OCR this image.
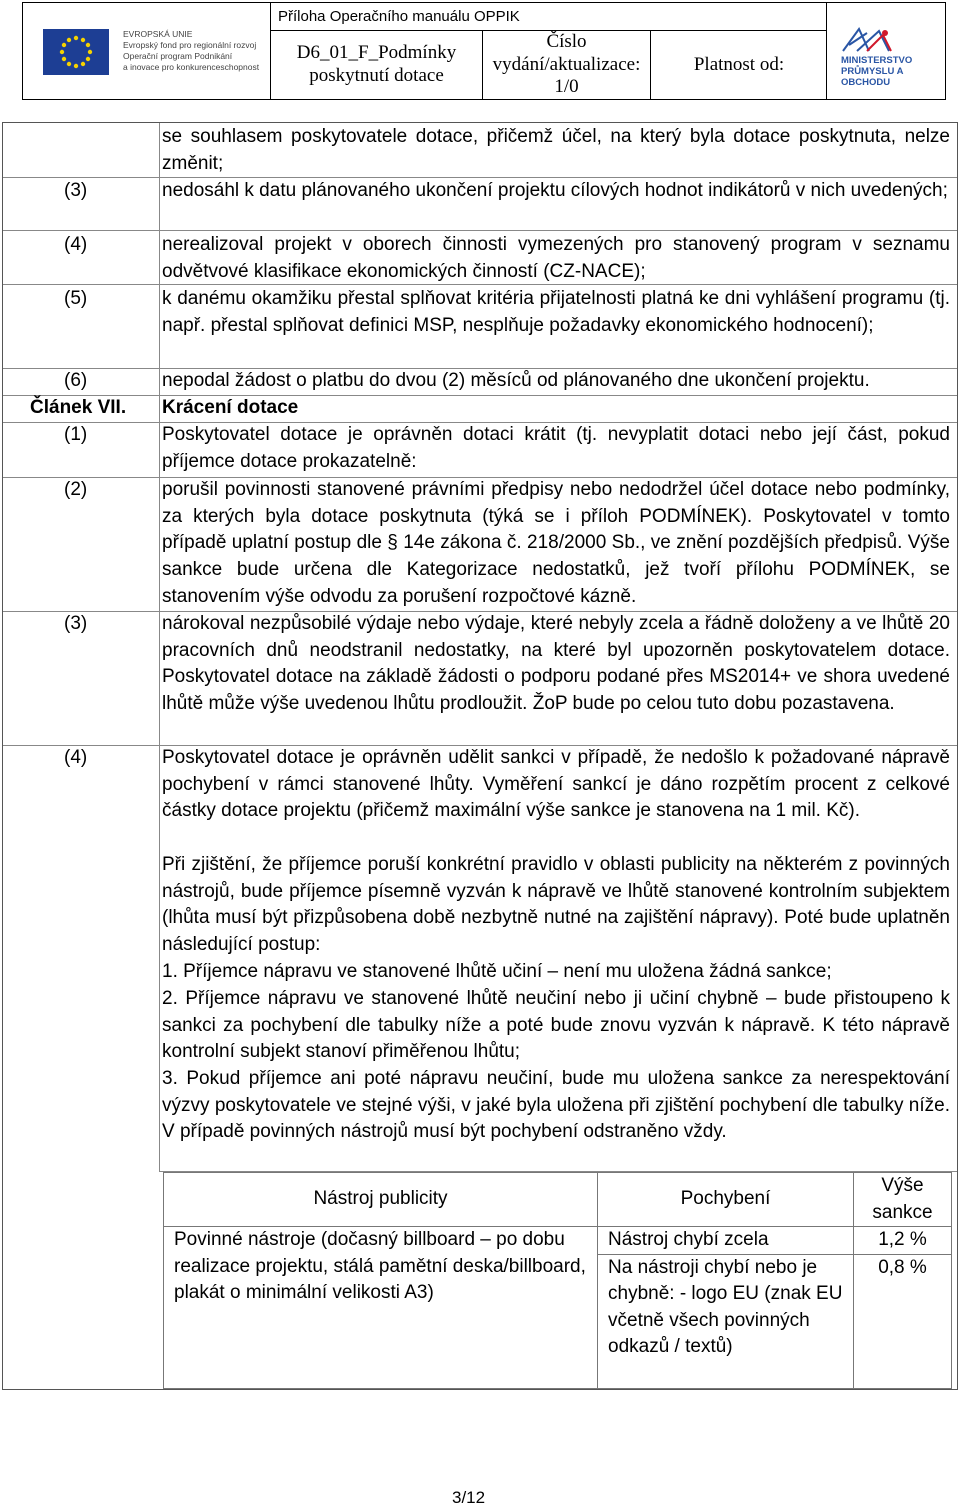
EVROPSKÁ UNIE
Evropský fond pro regionální rozvoj
Operační program Podnikání
a inovace pro konkurenceschopnost
Příloha Operačního manuálu OPPIK
D6_01_F_Podmínky
poskytnutí dotace
Číslo
vydání/aktualizace:
1/0
Platnost od:	MINISTERSTVO
PRŮMYSLU A OBCHODU
se souhlasem poskytovatele dotace, přičemž účel, na který byla dotace poskytnuta, nelze změnit;
(3)	nedosáhl k datu plánovaného ukončení projektu cílových hodnot indikátorů v nich uvedených;
(4)	nerealizoval projekt v oborech činnosti vymezených pro stanovený program v seznamu odvětvové klasifikace ekonomických činností (CZ-NACE);
(5)	k danému okamžiku přestal splňovat kritéria přijatelnosti platná ke dni vyhlášení programu (tj. např. přestal splňovat definici MSP, nesplňuje požadavky ekonomického hodnocení);
(6)	nepodal žádost o platbu do dvou (2) měsíců od plánovaného dne ukončení projektu.
Článek VII. Krácení dotace
(1)	Poskytovatel dotace je oprávněn dotaci krátit (tj. nevyplatit dotaci nebo její část, pokud příjemce dotace prokazatelně:
(2)	porušil povinnosti stanovené právními předpisy nebo nedodržel účel dotace nebo podmínky, za kterých byla dotace poskytnuta (týká se i příloh PODMÍNEK). Poskytovatel v tomto případě uplatní postup dle § 14e zákona č. 218/2000 Sb., ve znění pozdějších předpisů. Výše sankce bude určena dle Kategorizace nedostatků, jež tvoří přílohu PODMÍNEK, se stanovením výše odvodu za porušení rozpočtové kázně.
(3)	nárokoval nezpůsobilé výdaje nebo výdaje, které nebyly zcela a řádně doloženy a ve lhůtě 20 pracovních dnů neodstranil nedostatky, na které byl upozorněn poskytovatelem dotace. Poskytovatel dotace na základě žádosti o podporu podané přes MS2014+ ve shora uvedené lhůtě může výše uvedenou lhůtu prodloužit. ŽoP bude po celou tuto dobu pozastavena.
(4)	Poskytovatel dotace je oprávněn udělit sankci v případě, že nedošlo k požadované nápravě pochybení v rámci stanovené lhůty. Vyměření sankcí je dáno rozpětím procent z celkové částky dotace projektu (přičemž maximální výše sankce je stanovena na 1 mil. Kč).
Při zjištění, že příjemce poruší konkrétní pravidlo v oblasti publicity na některém z povinných nástrojů, bude příjemce písemně vyzván k nápravě ve lhůtě stanovené kontrolním subjektem (lhůta musí být přizpůsobena době nezbytně nutné na zajištění nápravy). Poté bude uplatněn následující postup:
1. Příjemce nápravu ve stanovené lhůtě učiní – není mu uložena žádná sankce;
2. Příjemce nápravu ve stanovené lhůtě neučiní nebo ji učiní chybně – bude přistoupeno k sankci za pochybení dle tabulky níže a poté bude znovu vyzván k nápravě. K této nápravě kontrolní subjekt stanoví přiměřenou lhůtu;
3. Pokud příjemce ani poté nápravu neučiní, bude mu uložena sankce za nerespektování výzvy poskytovatele ve stejné výši, v jaké byla uložena při zjištění pochybení dle tabulky níže. V případě povinných nástrojů musí být pochybení odstraněno vždy.
Nástroj publicity	Pochybení	Výše sankce
Povinné nástroje (dočasný billboard – po dobu realizace projektu, stálá pamětní deska/billboard, plakát o minimální velikosti A3)	Nástroj chybí zcela	1,2 %
	Na nástroji chybí nebo je chybně: - logo EU (znak EU včetně všech povinných odkazů / textů)	0,8 %
3/12
